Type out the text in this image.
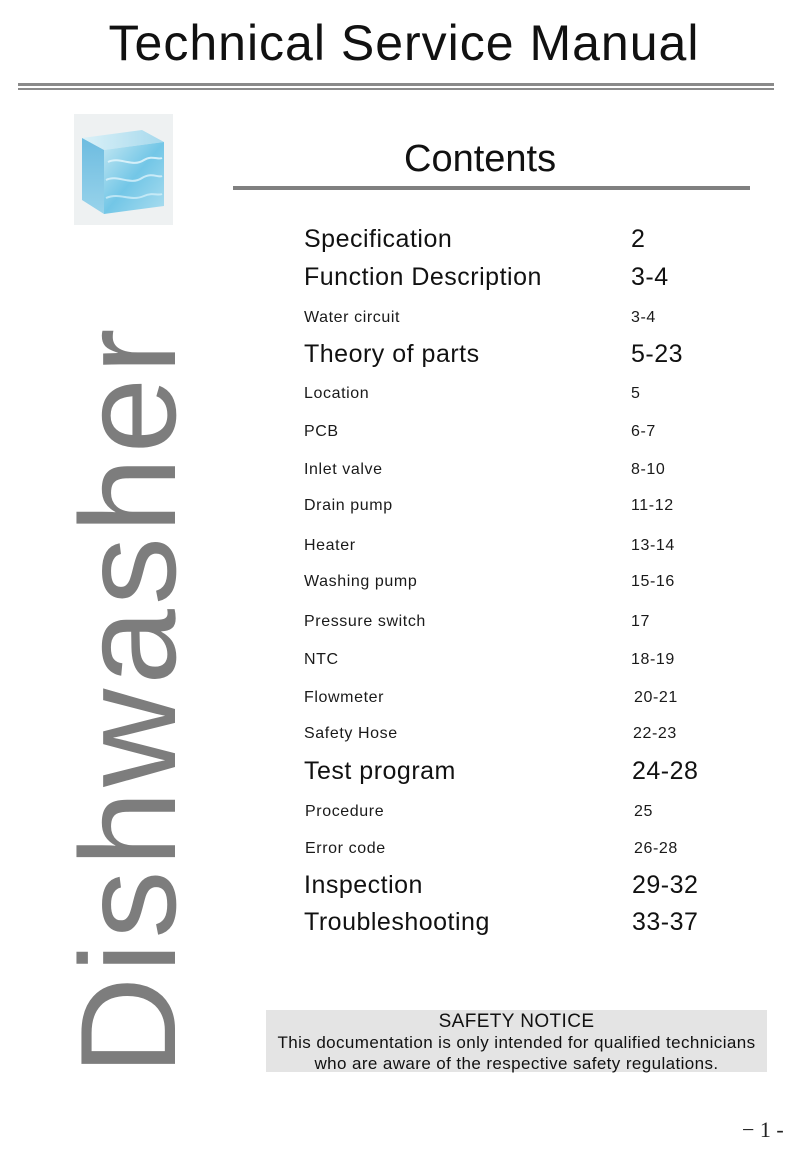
Technical Service Manual
Contents
Dishwasher
Specification	2
Function Description	3-4
Water circuit	3-4
Theory of parts	5-23
Location	5
PCB	6-7
Inlet valve	8-10
Drain pump	11-12
Heater	13-14
Washing pump	15-16
Pressure switch	17
NTC	18-19
Flowmeter	20-21
Safety Hose	22-23
Test program	24-28
Procedure	25
Error code	26-28
Inspection	29-32
Troubleshooting	33-37
SAFETY NOTICE
This documentation is only intended for qualified technicians
who are aware of the respective safety regulations.
− 1 -
